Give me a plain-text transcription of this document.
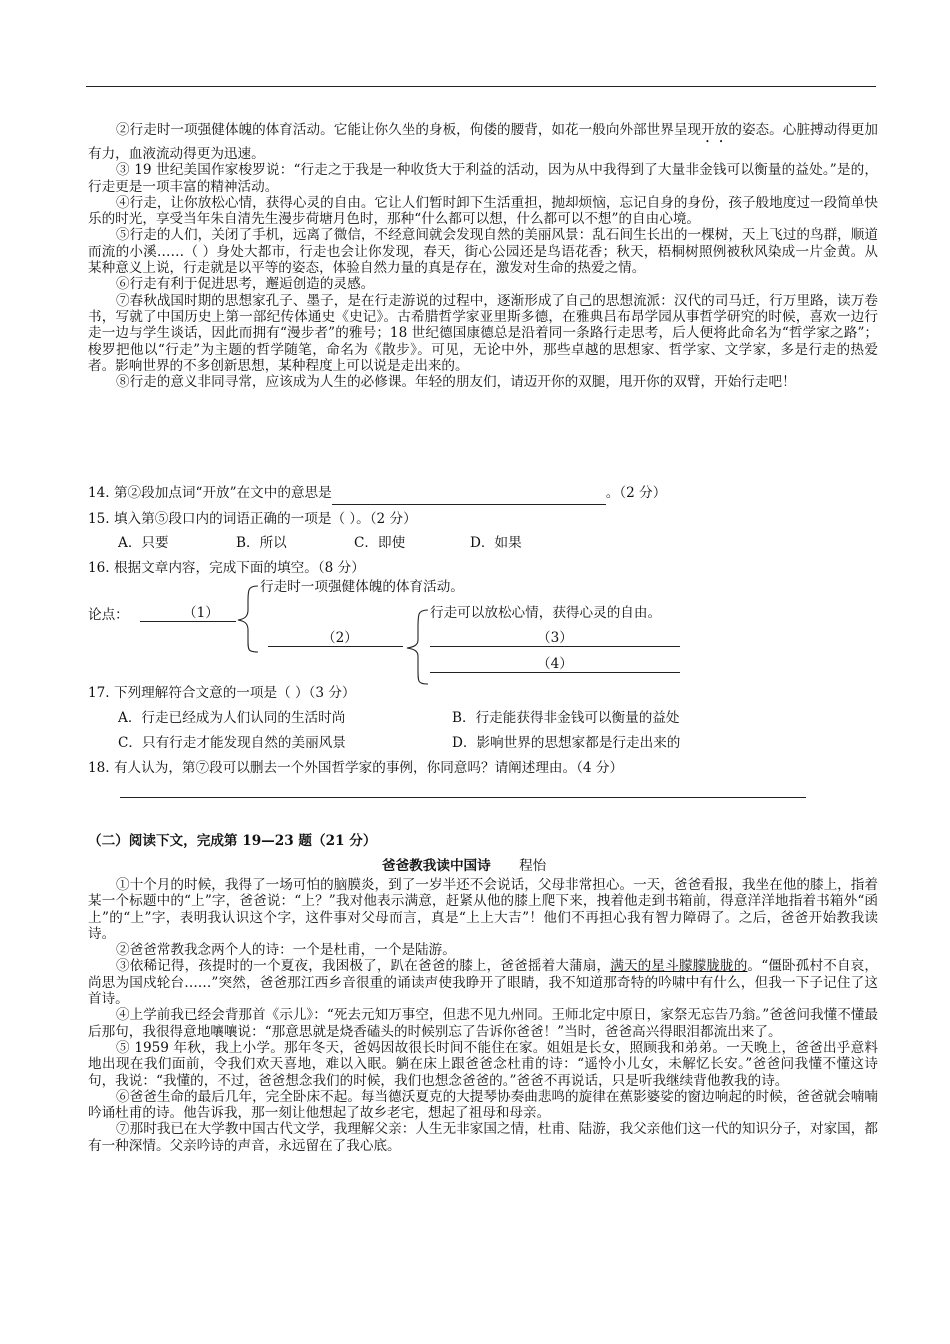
②行走时一项强健体魄的体育活动。它能让你久坐的身板，佝偻的腰背，如花一般向外部世界呈现开放的姿态。心脏搏动得更加有力，血液流动得更为迅速。

③ 19 世纪美国作家梭罗说：“行走之于我是一种收货大于利益的活动，因为从中我得到了大量非金钱可以衡量的益处。”是的，行走更是一项丰富的精神活动。

④行走，让你放松心情，获得心灵的自由。它让人们暂时卸下生活重担，抛却烦恼，忘记自身的身份，孩子般地度过一段简单快乐的时光，享受当年朱自清先生漫步荷塘月色时，那种“什么都可以想，什么都可以不想”的自由心境。

⑤行走的人们，关闭了手机，远离了微信，不经意间就会发现自然的美丽风景：乱石间生长出的一棵树，天上飞过的鸟群，顺道而流的小溪……（ ）身处大都市，行走也会让你发现，春天，街心公园还是鸟语花香；秋天，梧桐树照例被秋风染成一片金黄。从某种意义上说，行走就是以平等的姿态，体验自然力量的真是存在，激发对生命的热爱之情。

⑥行走有利于促进思考，邂逅创造的灵感。

⑦春秋战国时期的思想家孔子、墨子，是在行走游说的过程中，逐渐形成了自己的思想流派：汉代的司马迁，行万里路，读万卷书，写就了中国历史上第一部纪传体通史《史记》。古希腊哲学家亚里斯多德，在雅典吕布昂学园从事哲学研究的时候，喜欢一边行走一边与学生谈话，因此而拥有“漫步者”的雅号；18 世纪德国康德总是沿着同一条路行走思考，后人便将此命名为“哲学家之路”；梭罗把他以“行走”为主题的哲学随笔，命名为《散步》。可见，无论中外，那些卓越的思想家、哲学家、文学家，多是行走的热爱者。影响世界的不多创新思想，某种程度上可以说是走出来的。

⑧行走的意义非同寻常，应该成为人生的必修课。年轻的朋友们，请迈开你的双腿，甩开你的双臂，开始行走吧！

14. 第②段加点词“开放”在文中的意思是	。（2 分）
15. 填入第⑤段口内的词语正确的一项是（ ）。（2 分）
A．只要	B．所以	C．即使	D．如果
16. 根据文章内容，完成下面的填空。（8 分）
行走时一项强健体魄的体育活动。
论点：	（1）	行走可以放松心情，获得心灵的自由。
（2）	（3）
（4）
17. 下列理解符合文意的一项是（ ）（3 分）
A．行走已经成为人们认同的生活时尚	B．行走能获得非金钱可以衡量的益处
C．只有行走才能发现自然的美丽风景	D．影响世界的思想家都是行走出来的
18. 有人认为，第⑦段可以删去一个外国哲学家的事例，你同意吗？请阐述理由。（4 分）
（二）阅读下文，完成第 19—23 题（21 分）
爸爸教我读中国诗 程怡

①十个月的时候，我得了一场可怕的脑膜炎，到了一岁半还不会说话，父母非常担心。一天，爸爸看报，我坐在他的膝上，指着某一个标题中的“上”字，爸爸说：“上？”我对他表示满意，赶紧从他的膝上爬下来，拽着他走到书箱前，得意洋洋地指着书箱外“函上”的“上”字，表明我认识这个字，这件事对父母而言，真是“上上大吉”！他们不再担心我有智力障碍了。之后，爸爸开始教我读诗。

②爸爸常教我念两个人的诗：一个是杜甫，一个是陆游。

③依稀记得，孩提时的一个夏夜，我困极了，趴在爸爸的膝上，爸爸摇着大蒲扇，满天的星斗朦朦胧胧的。“僵卧孤村不自哀，尚思为国戍轮台……”突然，爸爸那江西乡音很重的诵读声使我睁开了眼睛，我不知道那奇特的吟啸中有什么，但我一下子记住了这首诗。

④上学前我已经会背那首《示儿》：“死去元知万事空，但悲不见九州同。王师北定中原日，家祭无忘告乃翁。”爸爸问我懂不懂最后那句，我很得意地嚷嚷说：“那意思就是烧香磕头的时候别忘了告诉你爸爸！”当时，爸爸高兴得眼泪都流出来了。

⑤ 1959 年秋，我上小学。那年冬天，爸妈因故很长时间不能住在家。姐姐是长女，照顾我和弟弟。一天晚上，爸爸出乎意料地出现在我们面前，令我们欢天喜地，难以入眠。躺在床上跟爸爸念杜甫的诗：“遥怜小儿女，未解忆长安。”爸爸问我懂不懂这诗句，我说：“我懂的，不过，爸爸想念我们的时候，我们也想念爸爸的。”爸爸不再说话，只是听我继续背他教我的诗。

⑥爸爸生命的最后几年，完全卧床不起。每当德沃夏克的大提琴协奏曲悲鸣的旋律在蕉影婆娑的窗边响起的时候，爸爸就会喃喃吟诵杜甫的诗。他告诉我，那一刻让他想起了故乡老宅，想起了祖母和母亲。

⑦那时我已在大学教中国古代文学，我理解父亲：人生无非家国之情，杜甫、陆游，我父亲他们这一代的知识分子，对家国，都有一种深情。父亲吟诗的声音，永远留在了我心底。
